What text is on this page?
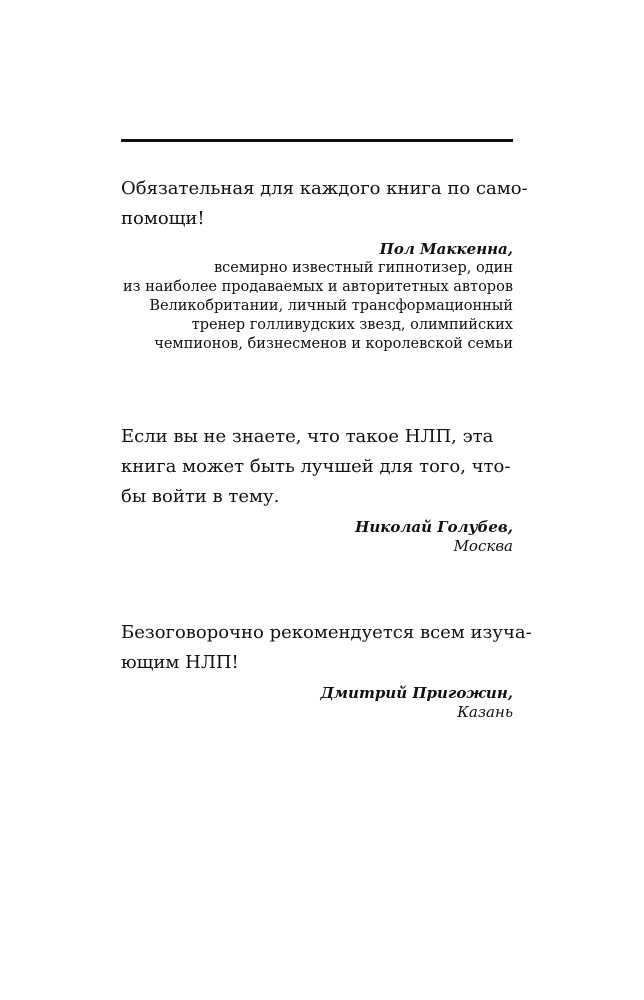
Обязательная для каждого книга по само-
помощи!

Пол Маккенна,
всемирно известный гипнотизер, один
из наиболее продаваемых и авторитетных авторов
Великобритании, личный трансформационный
тренер голливудских звезд, олимпийских
чемпионов, бизнесменов и королевской семьи

Если вы не знаете, что такое НЛП, эта
книга может быть лучшей для того, что-
бы войти в тему.

Николай Голубев,
Москва

Безоговорочно рекомендуется всем изуча-
ющим НЛП!

Дмитрий Пригожин,
Казань
